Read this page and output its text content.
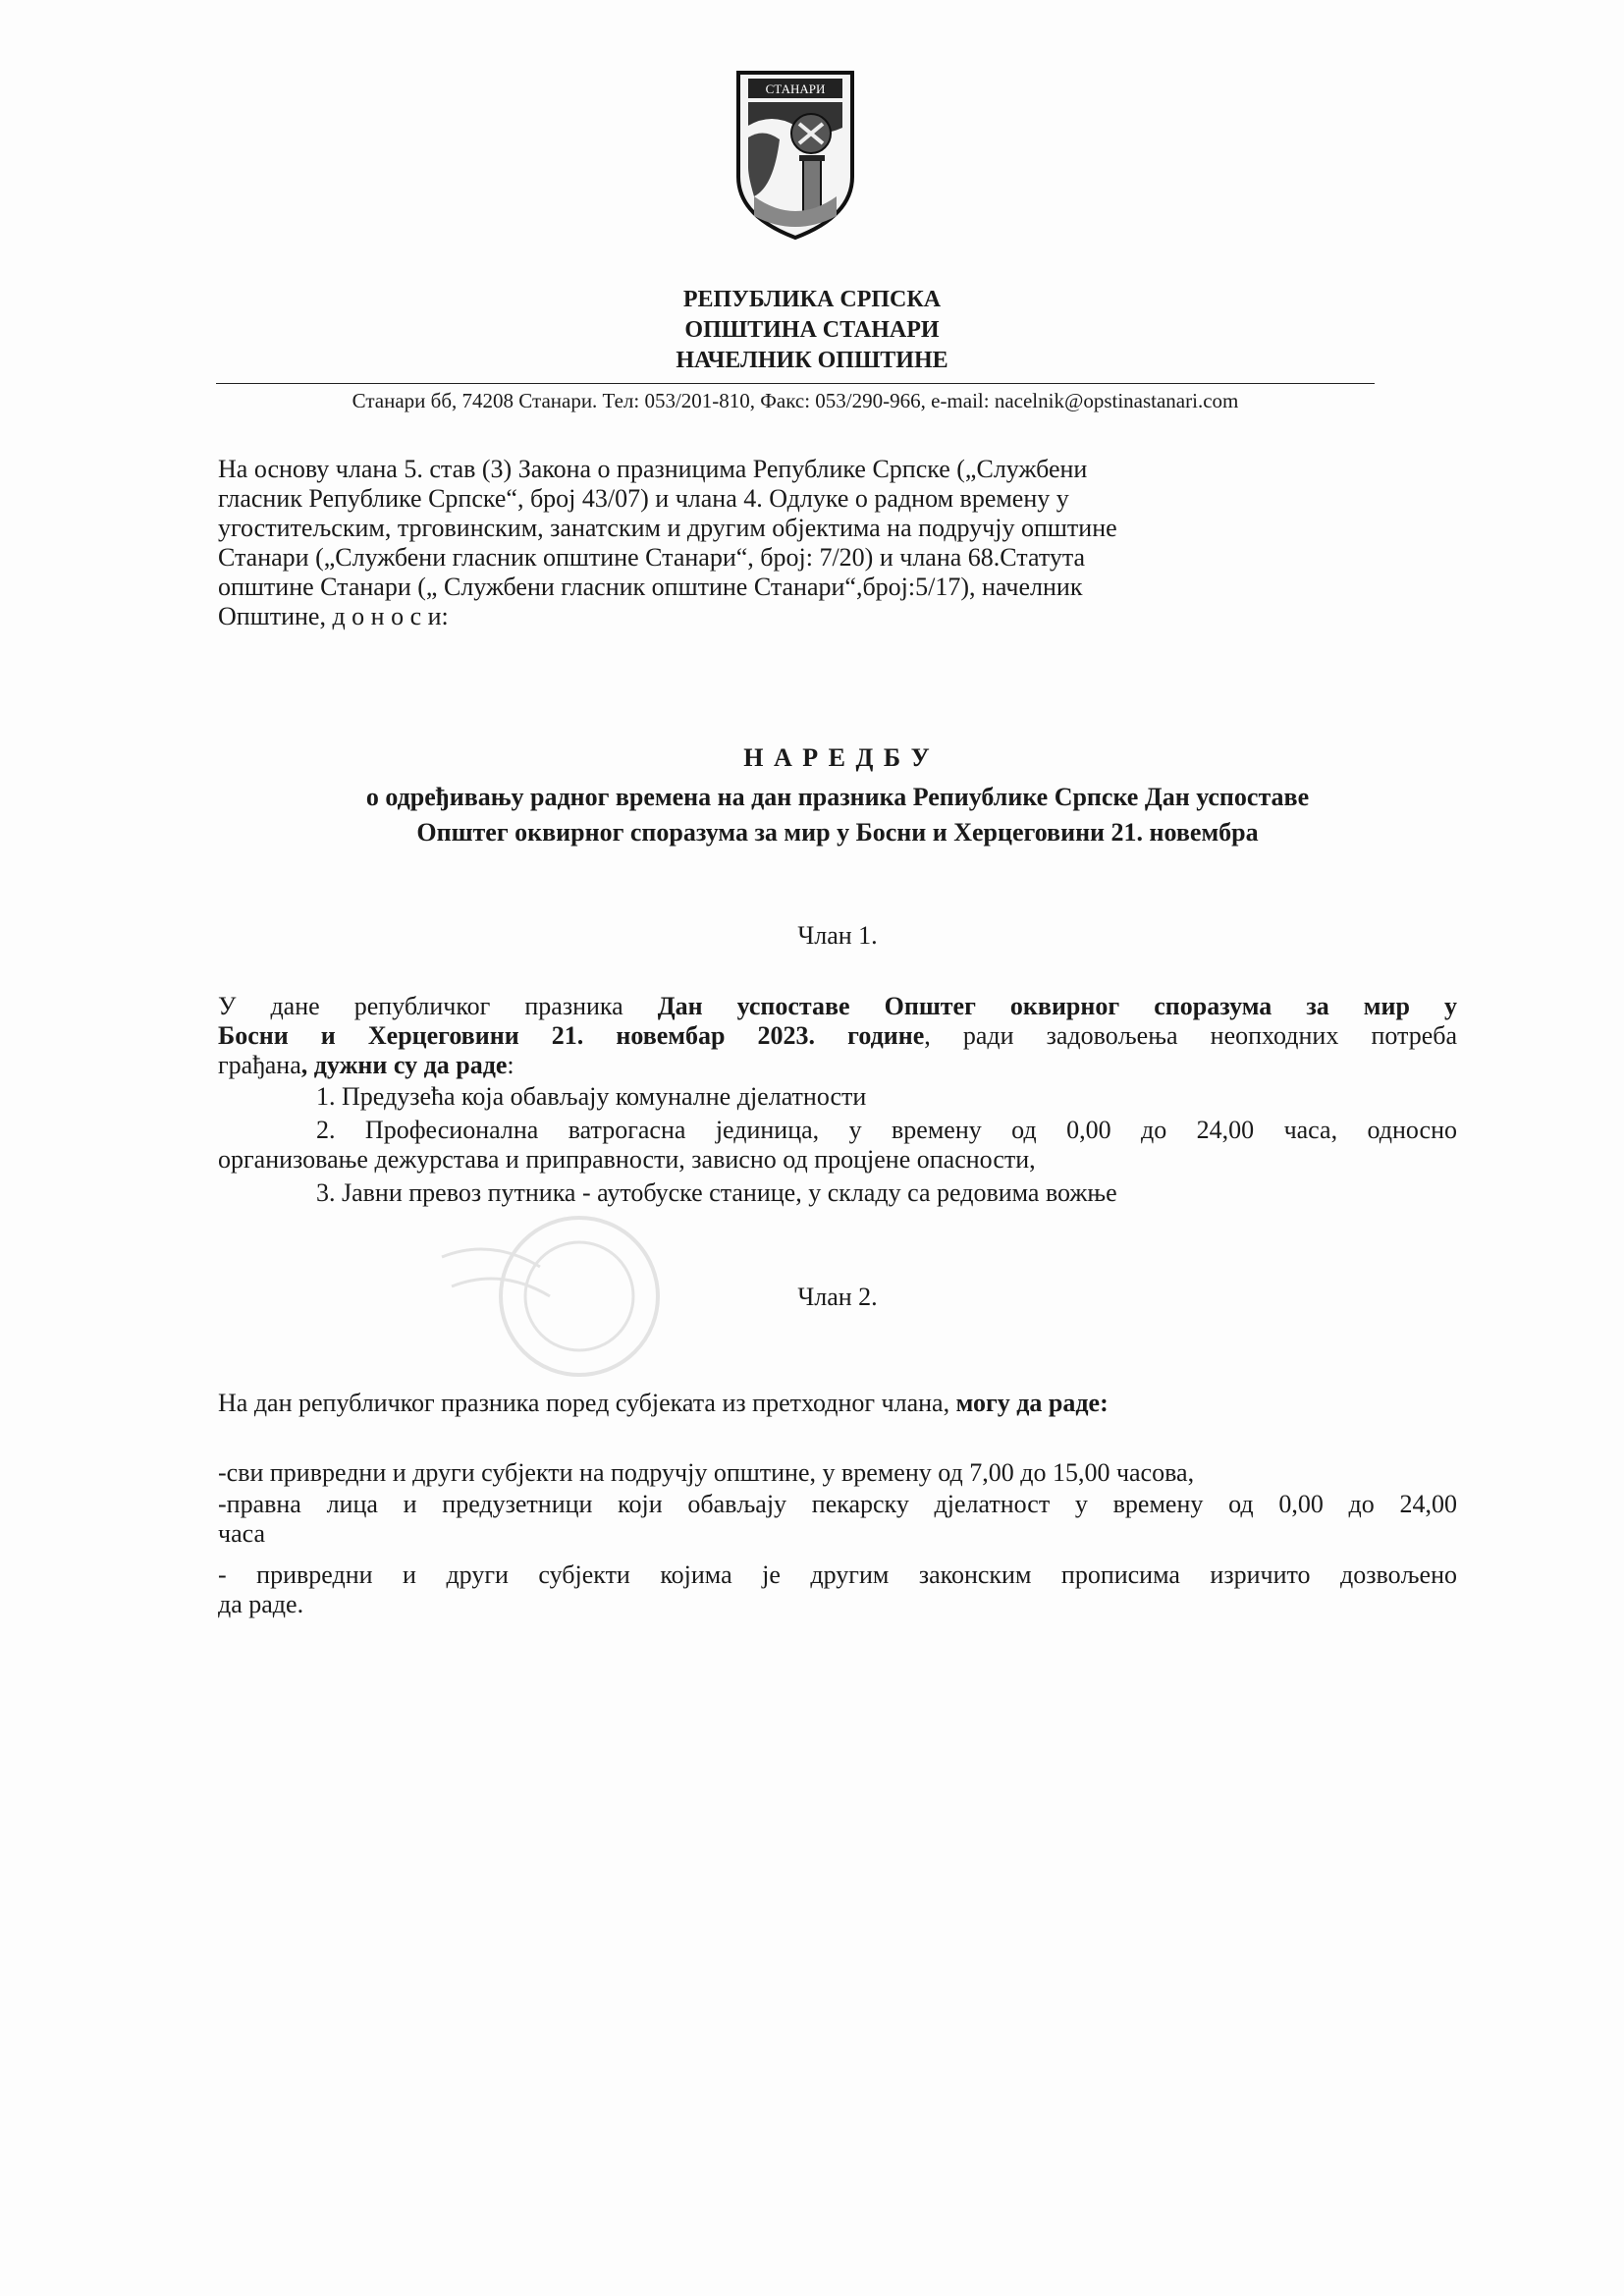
СТАНАРИ
РЕПУБЛИКА СРПСКА
ОПШТИНА СТАНАРИ
НАЧЕЛНИК ОПШТИНЕ
Станари бб, 74208 Станари. Тел: 053/201-810, Факс: 053/290-966, e-mail: nacelnik@opstinastanari.com
На основу члана 5. став (3) Закона о празницима Републике Српске („Службени
гласник Републике Српске“, број 43/07) и члана 4. Одлуке о радном времену у
угоститељским, трговинским, занатским и другим објектима на подручју општине
Станари („Службени гласник општине Станари“, број: 7/20) и члана 68.Статута
општине Станари („ Службени гласник општине Станари“,број:5/17), начелник
Општине, д о н о с и:
Н А Р Е Д Б У
о одређивању радног времена на дан празника Репиублике Српске Дан успоставе
Општег оквирног споразума за мир у Босни и Херцеговини 21. новембра
Члан 1.
У дане републичког празника Дан успоставе Општег оквирног споразума за мир у
Босни и Херцеговини 21. новембар 2023. године, ради задовољења неопходних потреба
грађана, дужни су да раде:
1. Предузећа која обављају комуналне дјелатности
2. Професионална ватрогасна јединица, у времену од 0,00 до 24,00 часа, односно
организовање дежурстава и приправности, зависно од процјене опасности,
3. Јавни превоз путника - аутобуске станице, у складу са редовима вожње
Члан 2.
На дан републичког празника поред субјеката из претходног члана, могу да раде:
-сви привредни и други субјекти на подручју општине, у времену од 7,00 до 15,00 часова,
-правна лица и предузетници који обављају пекарску дјелатност у времену од 0,00 до 24,00
часа
- привредни и други субјекти којима је другим законским прописима изричито дозвољено
да раде.
